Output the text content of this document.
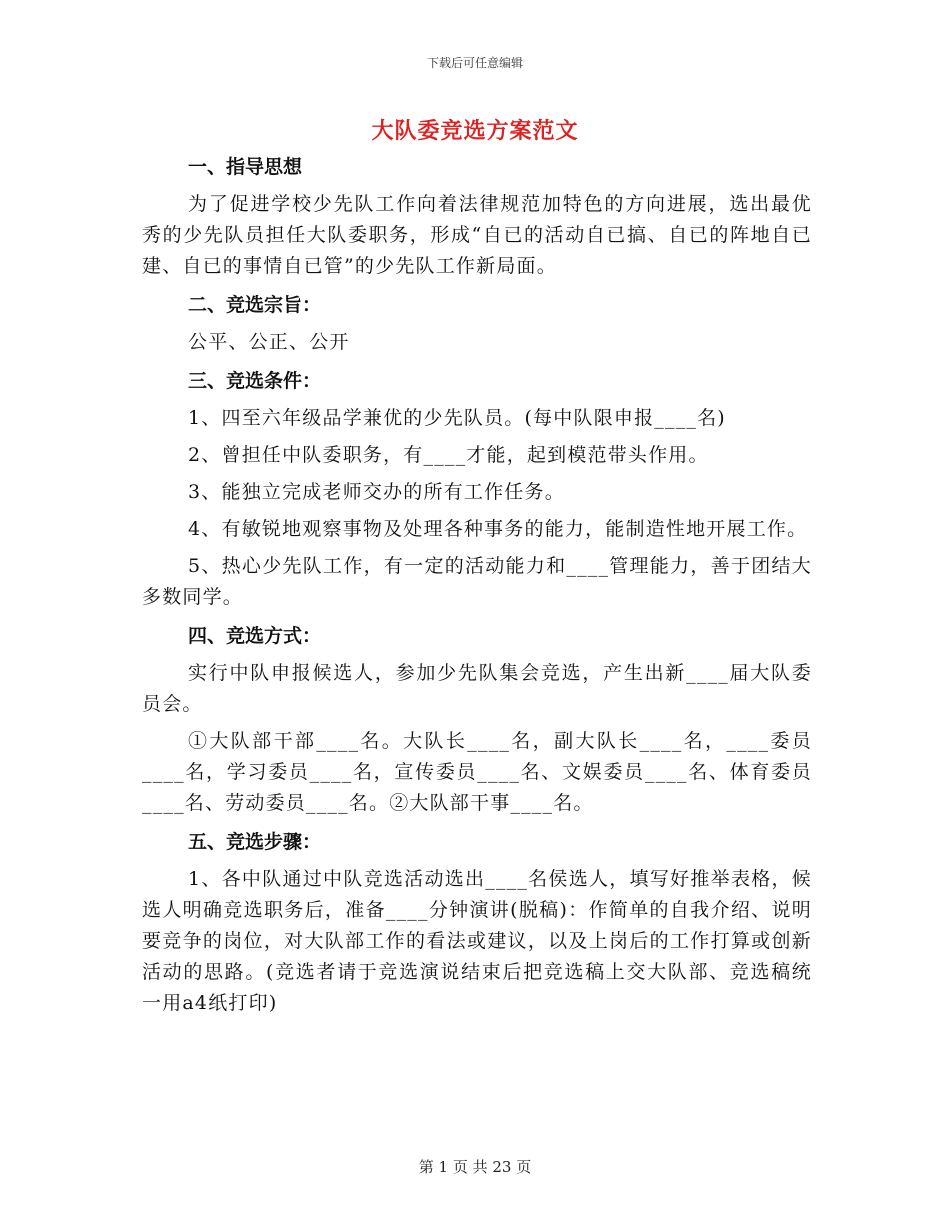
下载后可任意编辑
大队委竞选方案范文

一、指导思想

为了促进学校少先队工作向着法律规范加特色的方向进展，选出最优秀的少先队员担任大队委职务，形成“自已的活动自已搞、自已的阵地自已建、自已的事情自已管”的少先队工作新局面。

二、竞选宗旨：

公平、公正、公开

三、竞选条件：

1、四至六年级品学兼优的少先队员。(每中队限申报____名)

2、曾担任中队委职务，有____才能，起到模范带头作用。

3、能独立完成老师交办的所有工作任务。

4、有敏锐地观察事物及处理各种事务的能力，能制造性地开展工作。

5、热心少先队工作，有一定的活动能力和____管理能力，善于团结大多数同学。

四、竞选方式：

实行中队申报候选人，参加少先队集会竞选，产生出新____届大队委员会。

①大队部干部____名。大队长____名，副大队长____名，____委员____名，学习委员____名，宣传委员____名、文娱委员____名、体育委员____名、劳动委员____名。②大队部干事____名。

五、竞选步骤：

1、各中队通过中队竞选活动选出____名侯选人，填写好推举表格，候选人明确竞选职务后，准备____分钟演讲(脱稿)：作简单的自我介绍、说明要竞争的岗位，对大队部工作的看法或建议，以及上岗后的工作打算或创新活动的思路。(竞选者请于竞选演说结束后把竞选稿上交大队部、竞选稿统一用a4纸打印)

第 1 页 共 23 页
